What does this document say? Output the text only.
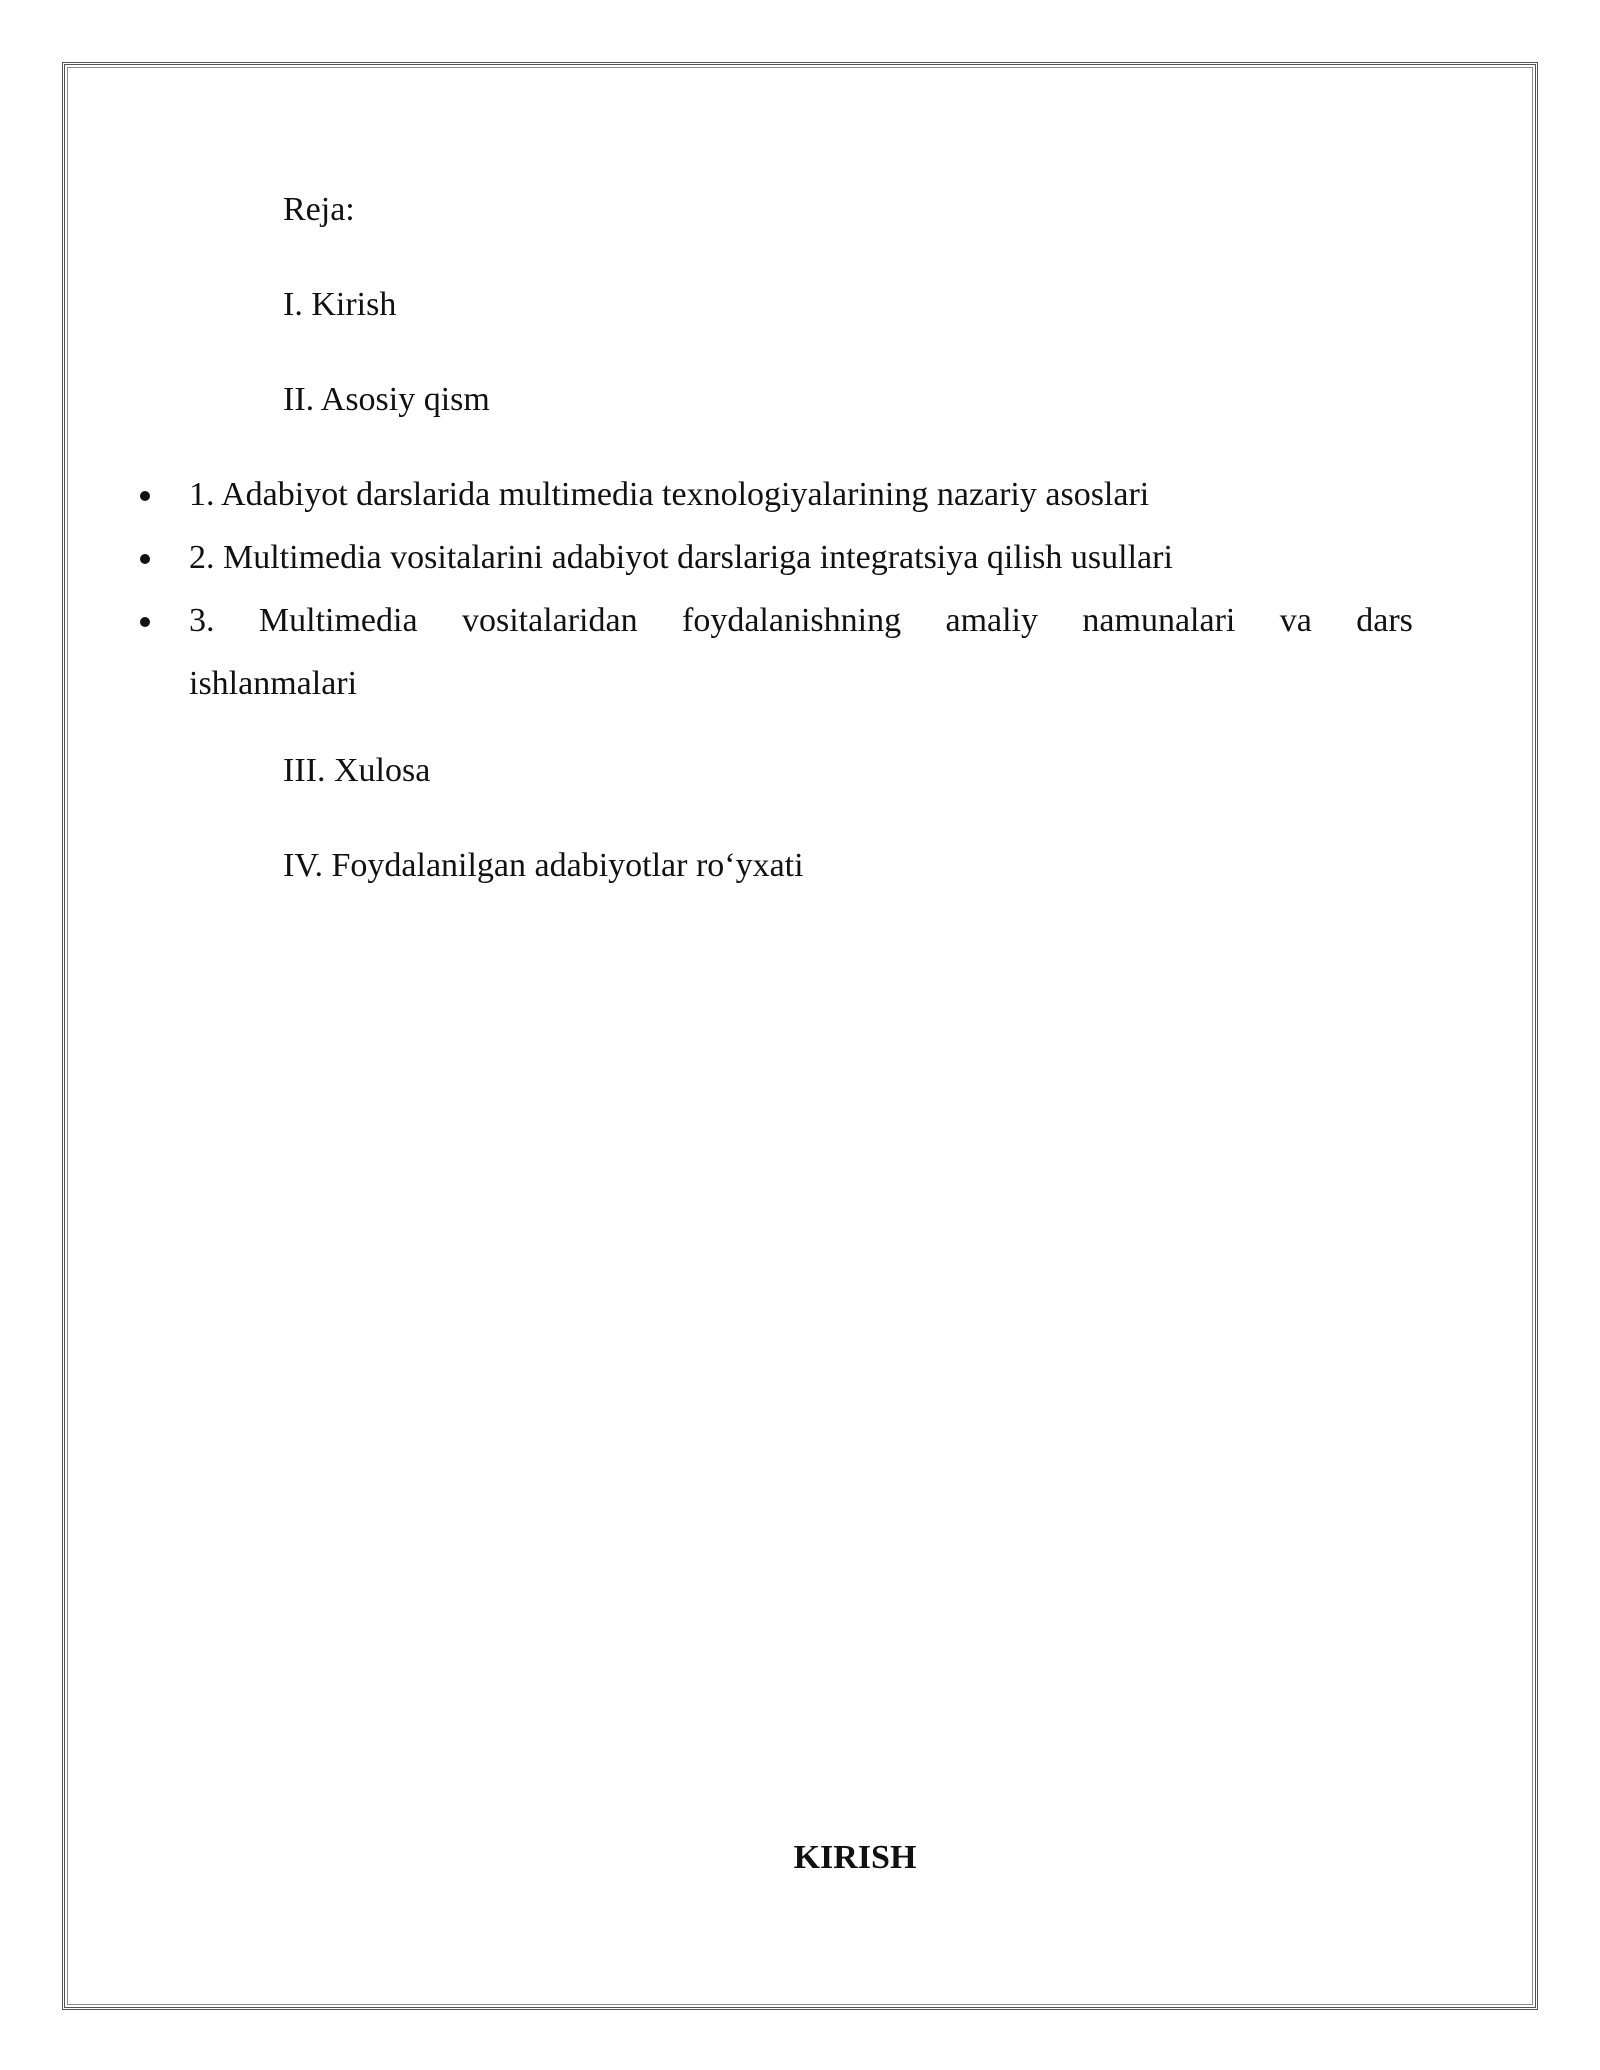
Reja:
I. Kirish
II. Asosiy qism
1. Adabiyot darslarida multimedia texnologiyalarining nazariy asoslari
2. Multimedia vositalarini adabiyot darslariga integratsiya qilish usullari
3. Multimedia vositalaridan foydalanishning amaliy namunalari va dars
ishlanmalari
III. Xulosa
IV. Foydalanilgan adabiyotlar ro‘yxati
KIRISH
